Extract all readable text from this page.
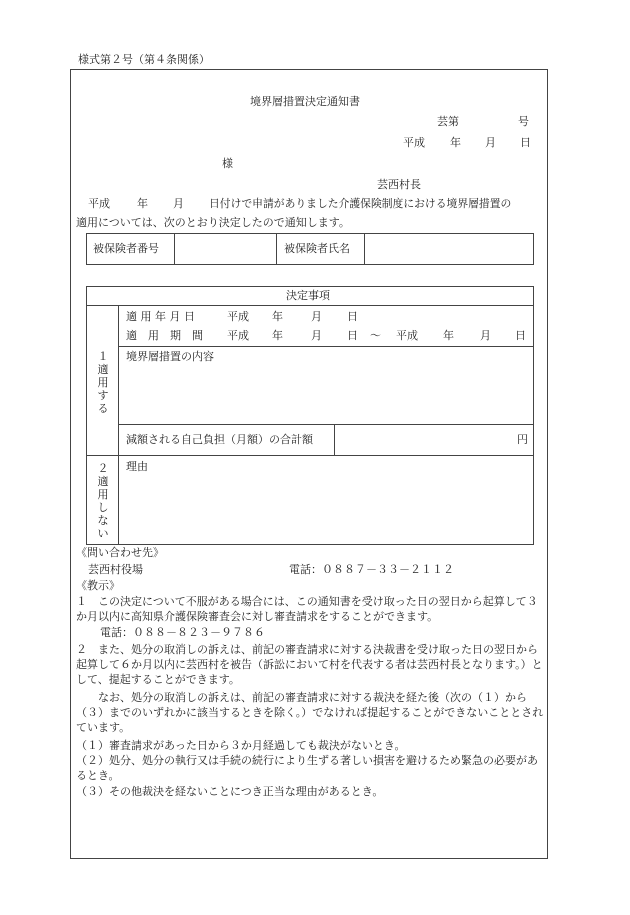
様式第２号（第４条関係）
境界層措置決定通知書
芸第	号
平成 年 月 日
様
芸西村長
平成 年 月 日付けで申請がありました介護保険制度における境界層措置の
適用については、次のとおり決定したので通知します。
被保険者番号	被保険者氏名
決定事項
１適用する
適 用 年 月 日	平成 年	月 日
適　用　期　間 平成 年	月 日 ～ 平成 年 月 日
境界層措置の内容
減額される自己負担（月額）の合計額	円
２適用しない
理由
《問い合わせ先》
芸西村役場	電話：０８８７－３３－２１１２
《教示》
１　この決定について不服がある場合には、この通知書を受け取った日の翌日から起算して３か月以内に高知県介護保険審査会に対し審査請求をすることができます。
電話：０８８－８２３－９７８６
２　また、処分の取消しの訴えは、前記の審査請求に対する決裁書を受け取った日の翌日から起算して６か月以内に芸西村を被告（訴訟において村を代表する者は芸西村長となります。）として、提起することができます。
なお、処分の取消しの訴えは、前記の審査請求に対する裁決を経た後（次の（１）から（３）までのいずれかに該当するときを除く。）でなければ提起することができないこととされています。
（１）審査請求があった日から３か月経過しても裁決がないとき。
（２）処分、処分の執行又は手続の続行により生ずる著しい損害を避けるため緊急の必要があるとき。
（３）その他裁決を経ないことにつき正当な理由があるとき。
